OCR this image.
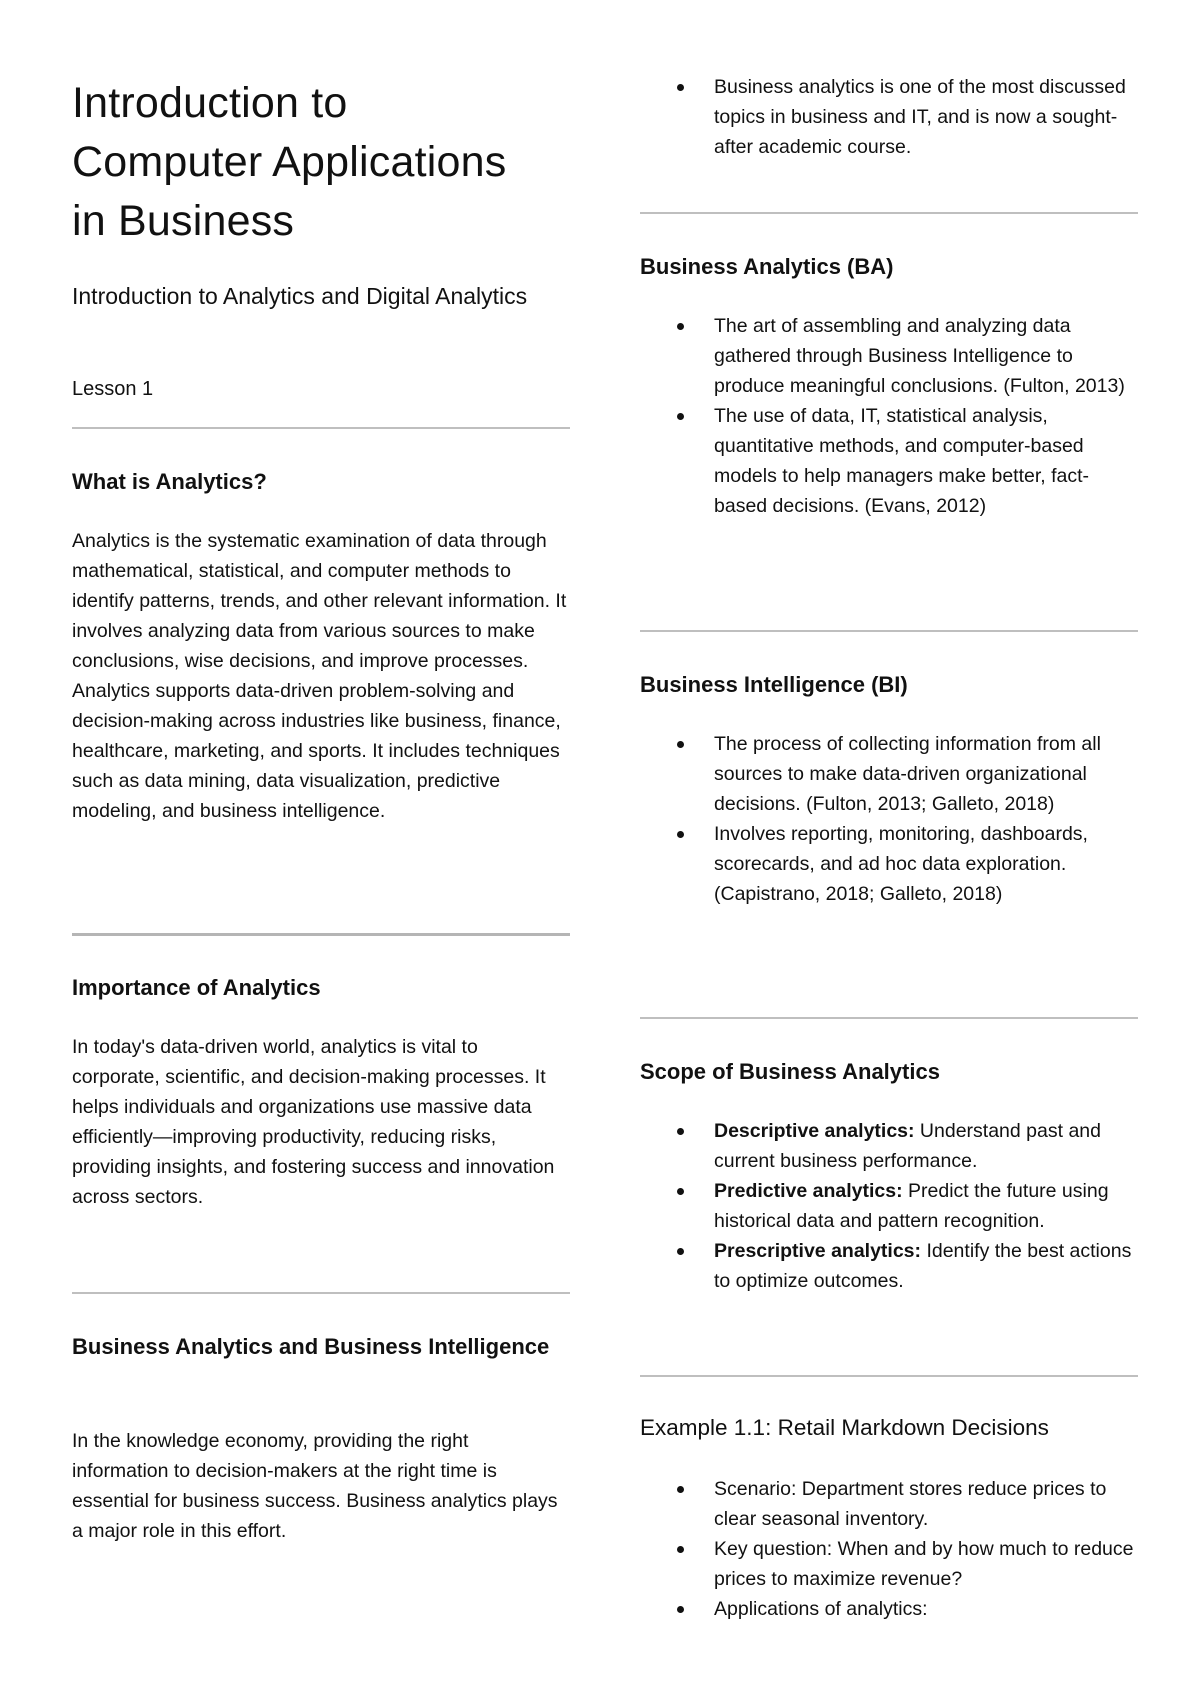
Introduction to
Computer Applications
in Business

Introduction to Analytics and Digital Analytics

Lesson 1

What is Analytics?

Analytics is the systematic examination of data through mathematical, statistical, and computer methods to identify patterns, trends, and other relevant information. It involves analyzing data from various sources to make conclusions, wise decisions, and improve processes. Analytics supports data-driven problem-solving and decision-making across industries like business, finance, healthcare, marketing, and sports. It includes techniques such as data mining, data visualization, predictive modeling, and business intelligence.

Importance of Analytics

In today's data-driven world, analytics is vital to corporate, scientific, and decision-making processes. It helps individuals and organizations use massive data efficiently—improving productivity, reducing risks, providing insights, and fostering success and innovation across sectors.

Business Analytics and Business Intelligence

In the knowledge economy, providing the right information to decision-makers at the right time is essential for business success. Business analytics plays a major role in this effort.

Business analytics is one of the most discussed topics in business and IT, and is now a sought-after academic course.
Business Analytics (BA)
The art of assembling and analyzing data gathered through Business Intelligence to produce meaningful conclusions. (Fulton, 2013)
The use of data, IT, statistical analysis, quantitative methods, and computer-based models to help managers make better, fact-based decisions. (Evans, 2012)
Business Intelligence (BI)
The process of collecting information from all sources to make data-driven organizational decisions. (Fulton, 2013; Galleto, 2018)
Involves reporting, monitoring, dashboards, scorecards, and ad hoc data exploration. (Capistrano, 2018; Galleto, 2018)
Scope of Business Analytics
Descriptive analytics: Understand past and current business performance.
Predictive analytics: Predict the future using historical data and pattern recognition.
Prescriptive analytics: Identify the best actions to optimize outcomes.
Example 1.1: Retail Markdown Decisions
Scenario: Department stores reduce prices to clear seasonal inventory.
Key question: When and by how much to reduce prices to maximize revenue?
Applications of analytics:
